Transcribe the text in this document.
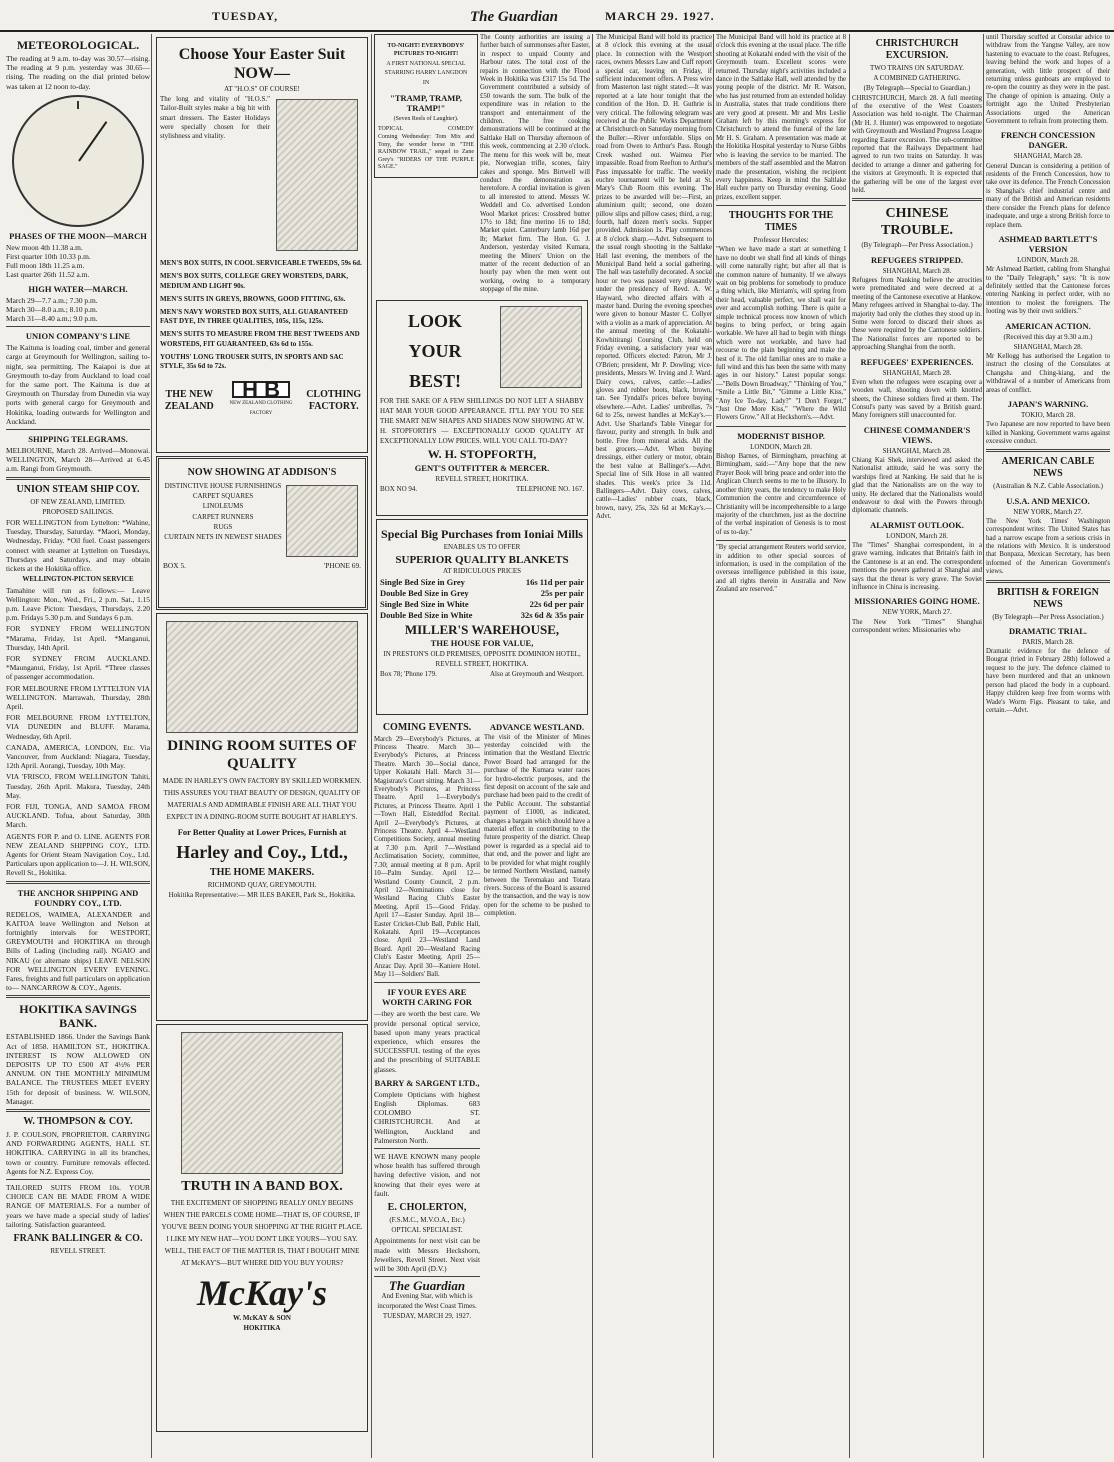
TUESDAY,	The Guardian	MARCH 29. 1927.
METEOROLOGICAL.

The reading at 9 a.m. to-day was 30.57—rising. The reading at 9 p.m. yesterday was 30.65—rising. The reading on the dial printed below was taken at 12 noon to-day.

PHASES OF THE MOON—MARCH
New moon 4th 11.38 a.m.
First quarter 10th 10.33 p.m.
Full moon 18th 11.25 a.m.
Last quarter 26th 11.52 a.m.
HIGH WATER—MARCH.
March 29—7.7 a.m.; 7.30 p.m.
March 30—8.0 a.m.; 8.10 p.m.
March 31—8.40 a.m.; 9.0 p.m.
UNION COMPANY'S LINE

The Kaituna is loading coal, timber and general cargo at Greymouth for Wellington, sailing to-night, sea permitting. The Kaiapoi is due at Greymouth to-day from Auckland to load coal for the same port. The Kaituna is due at Greymouth on Thursday from Dunedin via way ports with general cargo for Greymouth and Hokitika, loading outwards for Wellington and Auckland.

SHIPPING TELEGRAMS.

MELBOURNE, March 28. Arrived—Monowai. WELLINGTON, March 28—Arrived at 6.45 a.m. Rangi from Greymouth.

UNION STEAM SHIP COY.
OF NEW ZEALAND, LIMITED.
PROPOSED SAILINGS.

FOR WELLINGTON from Lyttelton: *Wahine, Tuesday, Thursday, Saturday. *Maori, Monday, Wednesday, Friday. *Oil fuel. Coast passengers connect with steamer at Lyttelton on Tuesdays, Thursdays and Saturdays, and may obtain tickets at the Hokitika office.

WELLINGTON-PICTON SERVICE

Tamahine will run as follows:— Leave Wellington: Mon., Wed., Fri., 2 p.m. Sat., 1.15 p.m. Leave Picton: Tuesdays, Thursdays, 2.20 p.m. Fridays 5.30 p.m. and Sundays 6 p.m.

FOR SYDNEY FROM WELLINGTON *Marama, Friday, 1st April. *Manganui, Thursday, 14th April.

FOR SYDNEY FROM AUCKLAND. *Maunganui, Friday, 1st April. *Three classes of passenger accommodation.

FOR MELBOURNE FROM LYTTELTON VIA WELLINGTON. Marrawah, Thursday, 28th April.

FOR MELBOURNE FROM LYTTELTON, VIA DUNEDIN and BLUFF. Marama, Wednesday, 6th April.

CANADA, AMERICA, LONDON, Etc. Via Vancouver, from Auckland: Niagara, Tuesday, 12th April. Aorangi, Tuesday, 10th May.

VIA 'FRISCO, FROM WELLINGTON Tahiti, Tuesday, 26th April. Makura, Tuesday, 24th May.

FOR FIJI, TONGA, AND SAMOA FROM AUCKLAND. Tofua, about Saturday, 30th March.

AGENTS FOR P. and O. LINE. AGENTS FOR NEW ZEALAND SHIPPING COY., LTD. Agents for Orient Steam Navigation Coy., Ltd. Particulars upon application to—J. H. WILSON, Revell St., Hokitika.

THE ANCHOR SHIPPING AND FOUNDRY COY., LTD.

REDELOS, WAIMEA, ALEXANDER and KAITOA leave Wellington and Nelson at fortnightly intervals for WESTPORT, GREYMOUTH and HOKITIKA on through Bills of Lading (including rail). NGAIO and NIKAU (or alternate ships) LEAVE NELSON FOR WELLINGTON EVERY EVENING. Fares, freights and full particulars on application to— NANCARROW & COY., Agents.

HOKITIKA SAVINGS BANK.

ESTABLISHED 1866. Under the Savings Bank Act of 1858. HAMILTON ST., HOKITIKA. INTEREST IS NOW ALLOWED ON DEPOSITS UP TO £500 AT 4½% PER ANNUM. ON THE MONTHLY MINIMUM BALANCE. The TRUSTEES MEET EVERY 15th for deposit of business. W. WILSON, Manager.

W. THOMPSON & COY.

J. P. COULSON, PROPRIETOR. CARRYING AND FORWARDING AGENTS, HALL ST. HOKITIKA. CARRYING in all its branches, town or country. Furniture removals effected. Agents for N.Z. Express Coy.

TAILORED SUITS FROM 10s. YOUR CHOICE CAN BE MADE FROM A WIDE RANGE OF MATERIALS. For a number of years we have made a special study of ladies' tailoring. Satisfaction guaranteed.

FRANK BALLINGER & CO.
REVELL STREET.
Choose Your Easter Suit NOW—
AT "H.O.S" OF COURSE!

The long and vitality of "H.O.S." Tailor-Built styles make a big hit with smart dressers. The Easter Holidays were specially chosen for their stylishness and vitality.

MEN'S BOX SUITS, IN COOL SERVICEABLE TWEEDS, 59s 6d.
MEN'S BOX SUITS, COLLEGE GREY WORSTEDS, DARK, MEDIUM AND LIGHT 90s.
MEN'S SUITS IN GREYS, BROWNS, GOOD FITTING, 63s.
MEN'S NAVY WORSTED BOX SUITS, ALL GUARANTEED FAST DYE, IN THREE QUALITIES, 105s, 115s, 125s.
MEN'S SUITS TO MEASURE FROM THE BEST TWEEDS AND WORSTEDS, FIT GUARANTEED, 63s 6d to 155s.
YOUTHS' LONG TROUSER SUITS, IN SPORTS AND SAC STYLE, 35s 6d to 72s.
THE NEW ZEALAND
H B
NEW ZEALAND CLOTHING FACTORY
CLOTHING FACTORY.
NOW SHOWING AT ADDISON'S
DISTINCTIVE HOUSE FURNISHINGS
CARPET SQUARES
LINOLEUMS
CARPET RUNNERS
RUGS
CURTAIN NETS IN NEWEST SHADES
BOX 5.	'PHONE 69.
DINING ROOM SUITES OF QUALITY

MADE IN HARLEY'S OWN FACTORY BY SKILLED WORKMEN. THIS ASSURES YOU THAT BEAUTY OF DESIGN, QUALITY OF MATERIALS AND ADMIRABLE FINISH ARE ALL THAT YOU EXPECT IN A DINING-ROOM SUITE BOUGHT AT HARLEY'S.

For Better Quality at Lower Prices, Furnish at
Harley and Coy., Ltd.,
THE HOME MAKERS.
RICHMOND QUAY, GREYMOUTH.
Hokitika Representative:— MR ILES BAKER, Park St., Hokitika.
TRUTH IN A BAND BOX.

THE EXCITEMENT OF SHOPPING REALLY ONLY BEGINS WHEN THE PARCELS COME HOME—THAT IS, OF COURSE, IF YOU'VE BEEN DOING YOUR SHOPPING AT THE RIGHT PLACE. I LIKE MY NEW HAT—YOU DON'T LIKE YOURS—YOU SAY. WELL, THE FACT OF THE MATTER IS, THAT I BOUGHT MINE AT McKAY'S—BUT WHERE DID YOU BUY YOURS?

McKay's
W. McKAY & SON
HOKITIKA
TO-NIGHT! EVERYBODYS' PICTURES TO-NIGHT!
A FIRST NATIONAL SPECIAL STARRING HARRY LANGDON
IN
"TRAMP, TRAMP, TRAMP!"
(Seven Reels of Laughter).
TOPICAL	COMEDY

Coming Wednesday: Tom Mix and Tony, the wonder horse in "THE RAINBOW TRAIL," sequel to Zane Grey's "RIDERS OF THE PURPLE SAGE."

The County authorities are issuing a further batch of summonses after Easter, in respect to unpaid County and Harbour rates. The total cost of the repairs in connection with the Flood Week in Hokitika was £317 15s 5d. The Government contributed a subsidy of £50 towards the sum. The bulk of the expenditure was in relation to the transport and entertainment of the children. The free cooking demonstrations will be continued at the Saltlake Hall on Thursday afternoon of this week, commencing at 2.30 o'clock. The menu for this week will be, meat pie, Norwegian trifle, scones, fairy cakes and sponge. Mrs Birtwell will conduct the demonstration as heretofore. A cordial invitation is given to all interested to attend. Messrs W. Weddell and Co. advertised London Wool Market prices: Crossbred butter 17½ to 18d; fine merino 16 to 18d; Market quiet. Canterbury lamb 16d per lb; Market firm. The Hon. G. J. Anderson, yesterday visited Kumara, meeting the Miners' Union on the matter of the recent deduction of an hourly pay when the men went out working, owing to a temporary stoppage of the mine.

LOOK
YOUR
BEST!

FOR THE SAKE OF A FEW SHILLINGS DO NOT LET A SHABBY HAT MAR YOUR GOOD APPEARANCE. IT'LL PAY YOU TO SEE THE SMART NEW SHAPES AND SHADES NOW SHOWING AT W. H. STOPFORTH'S — EXCEPTIONALLY GOOD QUALITY AT EXCEPTIONALLY LOW PRICES. WILL YOU CALL TO-DAY?

W. H. STOPFORTH,
GENT'S OUTFITTER & MERCER.
REVELL STREET, HOKITIKA.
BOX NO 94.	TELEPHONE NO. 167.
Special Big Purchases from Ioniai Mills
ENABLES US TO OFFER
SUPERIOR QUALITY BLANKETS
AT RIDICULOUS PRICES
Single Bed Size in Grey	16s 11d per pair
Double Bed Size in Grey	25s per pair
Single Bed Size in White	22s 6d per pair
Double Bed Size in White	32s 6d & 35s pair
MILLER'S WAREHOUSE,
THE HOUSE FOR VALUE,
IN PRESTON'S OLD PREMISES, OPPOSITE DOMINION HOTEL, REVELL STREET, HOKITIKA.
Box 78; 'Phone 179.	Also at Greymouth and Westport.
COMING EVENTS.

March 29—Everybody's Pictures, at Princess Theatre. March 30—Everybody's Pictures, at Princess Theatre. March 30—Social dance, Upper Kokatahi Hall. March 31—Magistrate's Court sitting. March 31—Everybody's Pictures, at Princess Theatre. April 1—Everybody's Pictures, at Princess Theatre. April 1—Town Hall, Eisteddfod Recital. April 2—Everybody's Pictures, at Princess Theatre. April 4—Westland Competitions Society, annual meeting at 7.30 p.m. April 7—Westland Acclimatisation Society, committee, 7.30; annual meeting at 8 p.m. April 10—Palm Sunday. April 12—Westland County Council, 2 p.m. April 12—Nominations close for Westland Racing Club's Easter Meeting. April 15—Good Friday. April 17—Easter Sunday. April 18—Easter Cricket-Club Ball, Public Hall, Kokatahi. April 19—Acceptances close. April 23—Westland Land Board. April 20—Westland Racing Club's Easter Meeting. April 25—Anzac Day. April 30—Kaniere Hotel. May 11—Soldiers' Ball.

IF YOUR EYES ARE WORTH CARING FOR

—they are worth the best care. We provide personal optical service, based upon many years practical experience, which ensures the SUCCESSFUL testing of the eyes and the prescribing of SUITABLE glasses.

BARRY & SARGENT LTD.,

Complete Opticians with highest English Diplomas. 683 COLOMBO ST. CHRISTCHURCH. And at Wellington, Auckland and Palmerston North.

WE HAVE KNOWN many people whose health has suffered through having defective vision, and not knowing that their eyes were at fault.

E. CHOLERTON,
(F.S.M.C., M.V.O.A., Etc.)
OPTICAL SPECIALIST.

Appointments for next visit can be made with Messrs Heckshorn, Jewellers, Revell Street. Next visit will be 30th April (D.V.)

The Guardian
And Evening Star, with which is incorporated the West Coast Times.
TUESDAY, MARCH 29, 1927.
ADVANCE WESTLAND.

The visit of the Minister of Mines yesterday coincided with the intimation that the Westland Electric Power Board had arranged for the purchase of the Kumara water races for hydro-electric purposes, and the first deposit on account of the sale and purchase had been paid to the credit of the Public Account. The substantial payment of £1000, as indicated, changes a bargain which should have a material effect in contributing to the future prosperity of the district. Cheap power is regarded as a special aid to that end, and the power and light are to be provided for what might roughly be termed Northern Westland, namely between the Teremakau and Totara rivers. Success of the Board is assured by the transaction, and the way is now open for the scheme to be pushed to completion.

The Municipal Band will hold its practice at 8 o'clock this evening at the usual place. In connection with the Westport races, owners Messrs Law and Cuff report a special car, leaving on Friday, if sufficient inducement offers. A Press wire from Masterton last night stated:—It was reported at a late hour tonight that the condition of the Hon. D. H. Guthrie is very critical. The following telegram was received at the Public Works Department at Christchurch on Saturday morning from the Buller:—River unfordable. Slips on road from Owen to Arthur's Pass. Rough Creek washed out. Waimea Pier impassible. Road from Reefton to Arthur's Pass impassable for traffic. The weekly euchre tournament will be held at St. Mary's Club Room this evening. The prizes to be awarded will be:—First, an aluminium quilt; second, one dozen pillow slips and pillow cases; third, a rug; fourth, half dozen men's socks. Supper provided. Admission 1s. Play commences at 8 o'clock sharp.—Advt. Subsequent to the usual rough shooting in the Saltlake Hall last evening, the members of the Municipal Band held a social gathering. The hall was tastefully decorated. A social hour or two was passed very pleasantly under the presidency of Revd. A. W. Hayward, who directed affairs with a master hand. During the evening speeches were given to honour Master C. Collyer with a violin as a mark of appreciation. At the annual meeting of the Kokatahi-Kowhitirangi Coursing Club, held on Friday evening, a satisfactory year was reported. Officers elected: Patron, Mr J. O'Brien; president, Mr P. Dowling; vice-presidents, Messrs W. Irving and J. Ward. Dairy cows, calves, cattle:—Ladies' gloves and rubber boots, black, brown, tan. See Tyndall's prices before buying elsewhere.—Advt. Ladies' umbrellas, 7s 6d to 25s, newest handles at McKay's.—Advt. Use Sharland's Table Vinegar for flavour, purity and strength. In bulk and bottle. Free from mineral acids. All the best grocers.—Advt. When buying dressings, either cutlery or motor, obtain the best value at Ballinger's.—Advt. Special line of Silk Hose in all wanted shades. This week's price 3s 11d. Ballingers—Advt. Dairy cows, calves, cattle—Ladies' rubber coats, black, brown, navy, 25s, 32s 6d at McKay's.—Advt.

The Municipal Band will hold its practice at 8 o'clock this evening at the usual place. The rifle shooting at Kokatahi ended with the visit of the Greymouth team. Excellent scores were returned. Thursday night's activities included a dance in the Saltlake Hall, well attended by the young people of the district. Mr R. Watson, who has just returned from an extended holiday in Australia, states that trade conditions there are very good at present. Mr and Mrs Leslie Graham left by this morning's express for Christchurch to attend the funeral of the late Mr H. S. Graham. A presentation was made at the Hokitika Hospital yesterday to Nurse Gibbs who is leaving the service to be married. The members of the staff assembled and the Matron made the presentation, wishing the recipient every happiness. Keep in mind the Saltlake Hall euchre party on Thursday evening. Good prizes, excellent supper.

THOUGHTS FOR THE TIMES
Professor Hercules:

"When we have made a start at something I have no doubt we shall find all kinds of things will come naturally right; but after all that is the common nature of humanity. If we always wait on big problems for somebody to produce a thing which, like Mirriam's, will spring from their head, valuable perfect, we shall wait for ever and accomplish nothing. There is quite a simple technical process now known of which begins to bring perfect, or bring again workable. We have all had to begin with things which were not workable, and have had recourse to the plain beginning and make the best of it. The old familiar ones are to make a full wind and this has been the same with many ages in our history." Latest popular songs:—"Bells Down Broadway," "Thinking of You," "Smile a Little Bit," "Gimme a Little Kiss," "Any Ice To-day, Lady?" "I Don't Forget," "Just One More Kiss," "Where the Wild Flowers Grow." All at Heckshorn's.—Advt.

MODERNIST BISHOP.
LONDON, March 28.

Bishop Barnes, of Birmingham, preaching at Birmingham, said:—"Any hope that the new Prayer Book will bring peace and order into the Anglican Church seems to me to be illusory. In another thirty years, the tendency to make Holy Communion the centre and circumference of Christianity will be incomprehensible to a large majority of the churchmen, just as the doctrine of the verbal inspiration of Genesis is to most of us to-day."

"By special arrangement Reuters world service, in addition to other special sources of information, is used in the compilation of the overseas intelligence published in this issue, and all rights therein in Australia and New Zealand are reserved."

CHRISTCHURCH EXCURSION.
TWO TRAINS ON SATURDAY.
A COMBINED GATHERING.
(By Telegraph—Special to Guardian.)

CHRISTCHURCH, March 28. A full meeting of the executive of the West Coasters Association was held to-night. The Chairman (Mr H. J. Hunter) was empowered to negotiate with Greymouth and Westland Progress League regarding Easter excursion. The sub-committee reported that the Railways Department had agreed to run two trains on Saturday. It was decided to arrange a dinner and gathering for the visitors at Greymouth. It is expected that the gathering will be one of the largest ever held.

CHINESE TROUBLE.
(By Telegraph—Per Press Association.)
REFUGEES STRIPPED.
SHANGHAI, March 28.

Refugees from Nanking believe the atrocities were premeditated and were decreed at a meeting of the Cantonese executive at Hankow. Many refugees arrived in Shanghai to-day. The majority had only the clothes they stood up in. Some were forced to discard their shoes as these were required by the Cantonese soldiers. The Nationalist forces are reported to be approaching Shanghai from the north.

REFUGEES' EXPERIENCES.
SHANGHAI, March 28.

Even when the refugees were escaping over a wooden wall, shooting down with knotted sheets, the Chinese soldiers fired at them. The Consul's party was saved by a British guard. Many foreigners still unaccounted for.

CHINESE COMMANDER'S VIEWS.
SHANGHAI, March 28.

Chiang Kai Shek, interviewed and asked the Nationalist attitude, said he was sorry the warships fired at Nanking. He said that he is glad that the Nationalists are on the way to unity. He declared that the Nationalists would endeavour to deal with the Powers through diplomatic channels.

ALARMIST OUTLOOK.
LONDON, March 28.

The "Times" Shanghai correspondent, in a grave warning, indicates that Britain's faith in the Cantonese is at an end. The correspondent mentions the powers gathered at Shanghai and says that the threat is very grave. The Soviet influence in China is increasing.

MISSIONARIES GOING HOME.
NEW YORK, March 27.

The New York "Times'" Shanghai correspondent writes: Missionaries who

until Thursday scuffed at Consular advice to withdraw from the Yangtse Valley, are now hastening to evacuate to the coast. Refugees, leaving behind the work and hopes of a generation, with little prospect of their returning unless gunboats are employed to re-open the country as they were in the past. The change of opinion is amazing. Only a fortnight ago the United Presbyterian Associations urged the American Government to refrain from protecting them.

FRENCH CONCESSION DANGER.
SHANGHAI, March 28.

General Duncan is considering a petition of residents of the French Concession, how to take over its defence. The French Concession is Shanghai's chief industrial centre and many of the British and American residents there consider the French plans for defence inadequate, and urge a strong British force to replace them.

ASHMEAD BARTLETT'S VERSION
LONDON, March 28.

Mr Ashmead Bartlett, cabling from Shanghai to the "Daily Telegraph," says: "It is now definitely settled that the Cantonese forces entering Nanking in perfect order, with no intention to molest the foreigners. The looting was by their own soldiers."

AMERICAN ACTION.
(Received this day at 9.30 a.m.)
SHANGHAI, March 28.

Mr Kellogg has authorised the Legation to instruct the closing of the Consulates at Changsha and Ching-kiang, and the withdrawal of a number of Americans from areas of conflict.

JAPAN'S WARNING.
TOKIO, March 28.

Two Japanese are now reported to have been killed in Nanking. Government warns against excessive conduct.

AMERICAN CABLE NEWS
(Australian & N.Z. Cable Association.)
U.S.A. AND MEXICO.
NEW YORK, March 27.

The New York Times' Washington correspondent writes: The United States has had a narrow escape from a serious crisis in the relations with Mexico. It is understood that Bonpaza, Mexican Secretary, has been informed of the American Government's views.

BRITISH & FOREIGN NEWS
(By Telegraph—Per Press Association.)
DRAMATIC TRIAL.
PARIS, March 28.

Dramatic evidence for the defence of Bougrat (tried in February 28th) followed a request to the jury. The defence claimed to have been murdered and that an unknown person had placed the body in a cupboard. Happy children keep free from worms with Wade's Worm Figs. Pleasant to take, and certain.—Advt.
